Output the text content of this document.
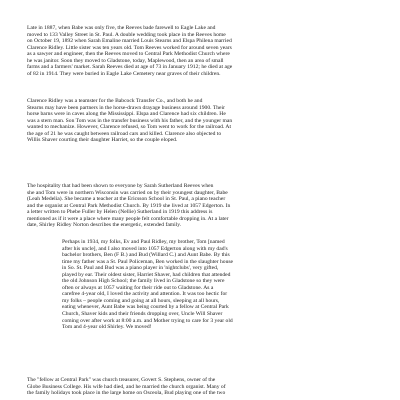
Late in 1887, when Babe was only five, the Reeves bade farewell to Eagle Lake and
moved to 133 Valley Street in St. Paul. A double wedding took place in the Reeves home
on October 19, 1892 when Sarah Emaline married Louis Stearns and Elspa Philena married
Clarence Ridley. Little sister was ten years old. Tom Reeves worked for around seven years
as a sawyer and engineer, then the Reeves moved to Central Park Methodist Church where
he was janitor. Soon they moved to Gladstone, today, Maplewood, then an area of small
farms and a farmers' market. Sarah Reeves died at age of 73 in January 1912; he died at age
of 82 in 1914. They were buried in Eagle Lake Cemetery near graves of their children.

Clarence Ridley was a teamster for the Babcock Transfer Co., and both he and
Stearns may have been partners in the horse-drawn drayage business around 1900. Their
horse barns were in caves along the Mississippi. Elspa and Clarence had six children. He
was a stern man. Son Tom was in the transfer business with his father, and the younger man
wanted to mechanize. However, Clarence refused, so Tom went to work for the railroad. At
the age of 21 he was caught between railroad cars and killed. Clarence also objected to
Willis Shaver courting their daughter Harriet, so the couple eloped.

The hospitality that had been shown to everyone by Sarah Sutherland Reeves when
she and Tom were in northern Wisconsin was carried on by their youngest daughter, Babe
(Leah Medelia). She became a teacher at the Ericsson School in St. Paul, a piano teacher
and the organist at Central Park Methodist Church. By 1919 she lived at 1057 Edgerton. In
a letter written to Phebe Fuller by Helen (Nellie) Sutherland in 1919 this address is
mentioned as if it were a place where many people felt comfortable dropping in. At a later
date, Shirley Ridley Norton describes the energetic, extended family.

Perhaps in 1934, my folks, Ev and Paul Ridley, my brother, Tom [named
after his uncle], and I also moved into 1057 Edgerton along with my dad's
bachelor brothers, Ben (F B.) and Bud (Willard C.) and Aunt Babe. By this
time my father was a St. Paul Policeman, Ben worked in the slaughter house
in So. St. Paul and Bud was a piano player in 'nightclubs', very gifted,
played by ear. Their oldest sister, Harriet Shaver, had children that attended
the old Johnson High School; the family lived in Gladstone so they were
often or always at 1057 waiting for their ride out to Gladstone. As a
carefree 4-year old, I loved the activity and attention. It was too hectic for
my folks – people coming and going at all hours, sleeping at all hours,
eating whenever, Aunt Babe was being courted by a fellow at Central Park
Church, Shaver kids and their friends dropping over, Uncle Will Shaver
coming over after work at 8:00 a.m. and Mother trying to care for 3 year old
Tom and 4-year old Shirley. We moved!

The "fellow at Central Park" was church treasurer, Govert S. Stephens, owner of the
Globe Business College. His wife had died, and he married the church organist. Many of
the family holidays took place in the large home on Osceola, Bud playing one of the two
